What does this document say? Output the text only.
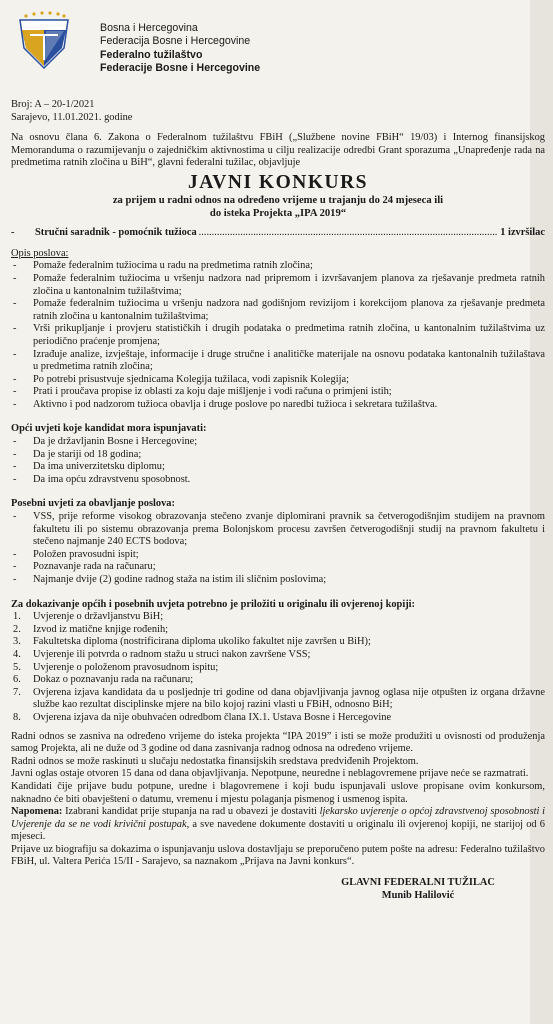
Bosna i Hercegovina
Federacija Bosne i Hercegovine
Federalno tužilaštvo
Federacije Bosne i Hercegovine

Broj: A – 20-1/2021

Sarajevo, 11.01.2021. godine

Na osnovu člana 6. Zakona o Federalnom tužilaštvu FBiH („Službene novine FBiH“ 19/03) i Internog finansijskog Memoranduma o razumijevanju o zajedničkim aktivnostima u cilju realizacije odredbi Grant sporazuma „Unapređenje rada na predmetima ratnih zločina u BiH“, glavni federalni tužilac, objavljuje

JAVNI KONKURS
za prijem u radni odnos na određeno vrijeme u trajanju do 24 mjeseca ili
do isteka Projekta „IPA 2019“
-	Stručni saradnik - pomoćnik tužioca
.....	1 izvršilac
Opis poslova:
- Pomaže federalnim tužiocima u radu na predmetima ratnih zločina;
- Pomaže federalnim tužiocima u vršenju nadzora nad pripremom i izvršavanjem planova za rješavanje predmeta ratnih zločina u kantonalnim tužilaštvima;
- Pomaže federalnim tužiocima u vršenju nadzora nad godišnjom revizijom i korekcijom planova za rješavanje predmeta ratnih zločina u kantonalnim tužilaštvima;
- Vrši prikupljanje i provjeru statističkih i drugih podataka o predmetima ratnih zločina, u kantonalnim tužilaštvima uz periodično praćenje promjena;
- Izrađuje analize, izvještaje, informacije i druge stručne i analitičke materijale na osnovu podataka kantonalnih tužilaštava u predmetima ratnih zločina;
- Po potrebi prisustvuje sjednicama Kolegija tužilaca, vodi zapisnik Kolegija;
- Prati i proučava propise iz oblasti za koju daje mišljenje i vodi računa o primjeni istih;
- Aktivno i pod nadzorom tužioca obavlja i druge poslove po naredbi tužioca i sekretara tužilaštva.
Opći uvjeti koje kandidat mora ispunjavati:
- Da je državljanin Bosne i Hercegovine;
- Da je stariji od 18 godina;
- Da ima univerzitetsku diplomu;
- Da ima opću zdravstvenu sposobnost.
Posebni uvjeti za obavljanje poslova:
- VSS, prije reforme visokog obrazovanja stečeno zvanje diplomirani pravnik sa četverogodišnjim studijem na pravnom fakultetu ili po sistemu obrazovanja prema Bolonjskom procesu završen četverogodišnji studij na pravnom fakultetu i stečeno najmanje 240 ECTS bodova;
- Položen pravosudni ispit;
- Poznavanje rada na računaru;
- Najmanje dvije (2) godine radnog staža na istim ili sličnim poslovima;
Za dokazivanje općih i posebnih uvjeta potrebno je priložiti u originalu ili ovjerenoj kopiji:
1. Uvjerenje o državljanstvu BiH;
2. Izvod iz matične knjige rođenih;
3. Fakultetska diploma (nostrificirana diploma ukoliko fakultet nije završen u BiH);
4. Uvjerenje ili potvrda o radnom stažu u struci nakon završene VSS;
5. Uvjerenje o položenom pravosudnom ispitu;
6. Dokaz o poznavanju rada na računaru;
7. Ovjerena izjava kandidata da u posljednje tri godine od dana objavljivanja javnog oglasa nije otpušten iz organa državne službe kao rezultat disciplinske mjere na bilo kojoj razini vlasti u FBiH, odnosno BiH;
8. Ovjerena izjava da nije obuhvaćen odredbom člana IX.1. Ustava Bosne i Hercegovine

Radni odnos se zasniva na određeno vrijeme do isteka projekta “IPA 2019” i isti se može produžiti u ovisnosti od produženja samog Projekta, ali ne duže od 3 godine od dana zasnivanja radnog odnosa na određeno vrijeme.

Radni odnos se može raskinuti u slučaju nedostatka finansijskih sredstava predviđenih Projektom.

Javni oglas ostaje otvoren 15 dana od dana objavljivanja. Nepotpune, neuredne i neblagovremene prijave neće se razmatrati.

Kandidati čije prijave budu potpune, uredne i blagovremene i koji budu ispunjavali uslove propisane ovim konkursom, naknadno će biti obavještení o datumu, vremenu i mjestu polaganja pismenog i usmenog ispita.

Napomena: Izabrani kandidat prije stupanja na rad u obavezi je dostaviti ljekarsko uvjerenje o općoj zdravstvenoj sposobnosti i Uvjerenje da se ne vodi krivični postupak, a sve navedene dokumente dostaviti u originalu ili ovjerenoj kopiji, ne starijoj od 6 mjeseci.

Prijave uz biografiju sa dokazima o ispunjavanju uslova dostavljaju se preporučeno putem pošte na adresu: Federalno tužilaštvo FBiH, ul. Valtera Perića 15/II - Sarajevo, sa naznakom „Prijava na Javni konkurs“.

GLAVNI FEDERALNI TUŽILAC
Munib Halilović
